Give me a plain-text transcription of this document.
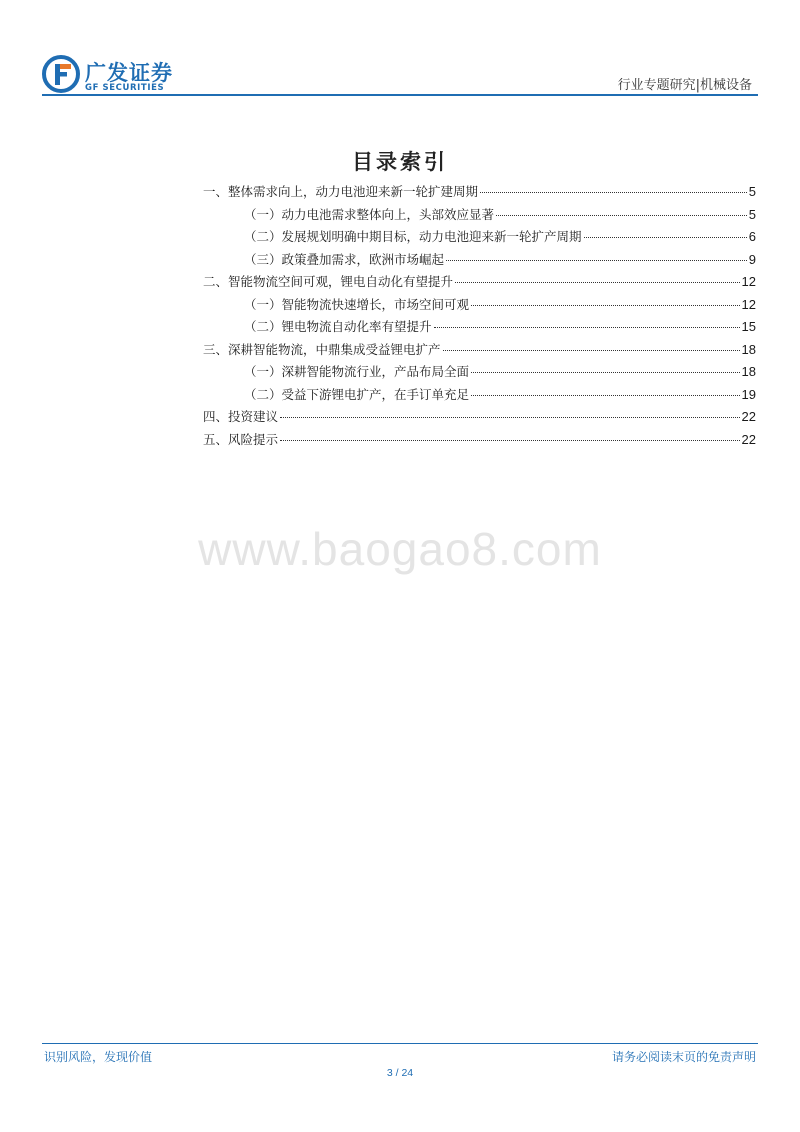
广发证券
GF SECURITIES	行业专题研究|机械设备
目录索引
一、整体需求向上，动力电池迎来新一轮扩建周期	5
（一）动力电池需求整体向上，头部效应显著	5
（二）发展规划明确中期目标，动力电池迎来新一轮扩产周期	6
（三）政策叠加需求，欧洲市场崛起	9
二、智能物流空间可观，锂电自动化有望提升	12
（一）智能物流快速增长，市场空间可观	12
（二）锂电物流自动化率有望提升	15
三、深耕智能物流，中鼎集成受益锂电扩产	18
（一）深耕智能物流行业，产品布局全面	18
（二）受益下游锂电扩产，在手订单充足	19
四、投资建议	22
五、风险提示	22
www.baogao8.com
识别风险，发现价值	请务必阅读末页的免责声明
3 / 24
